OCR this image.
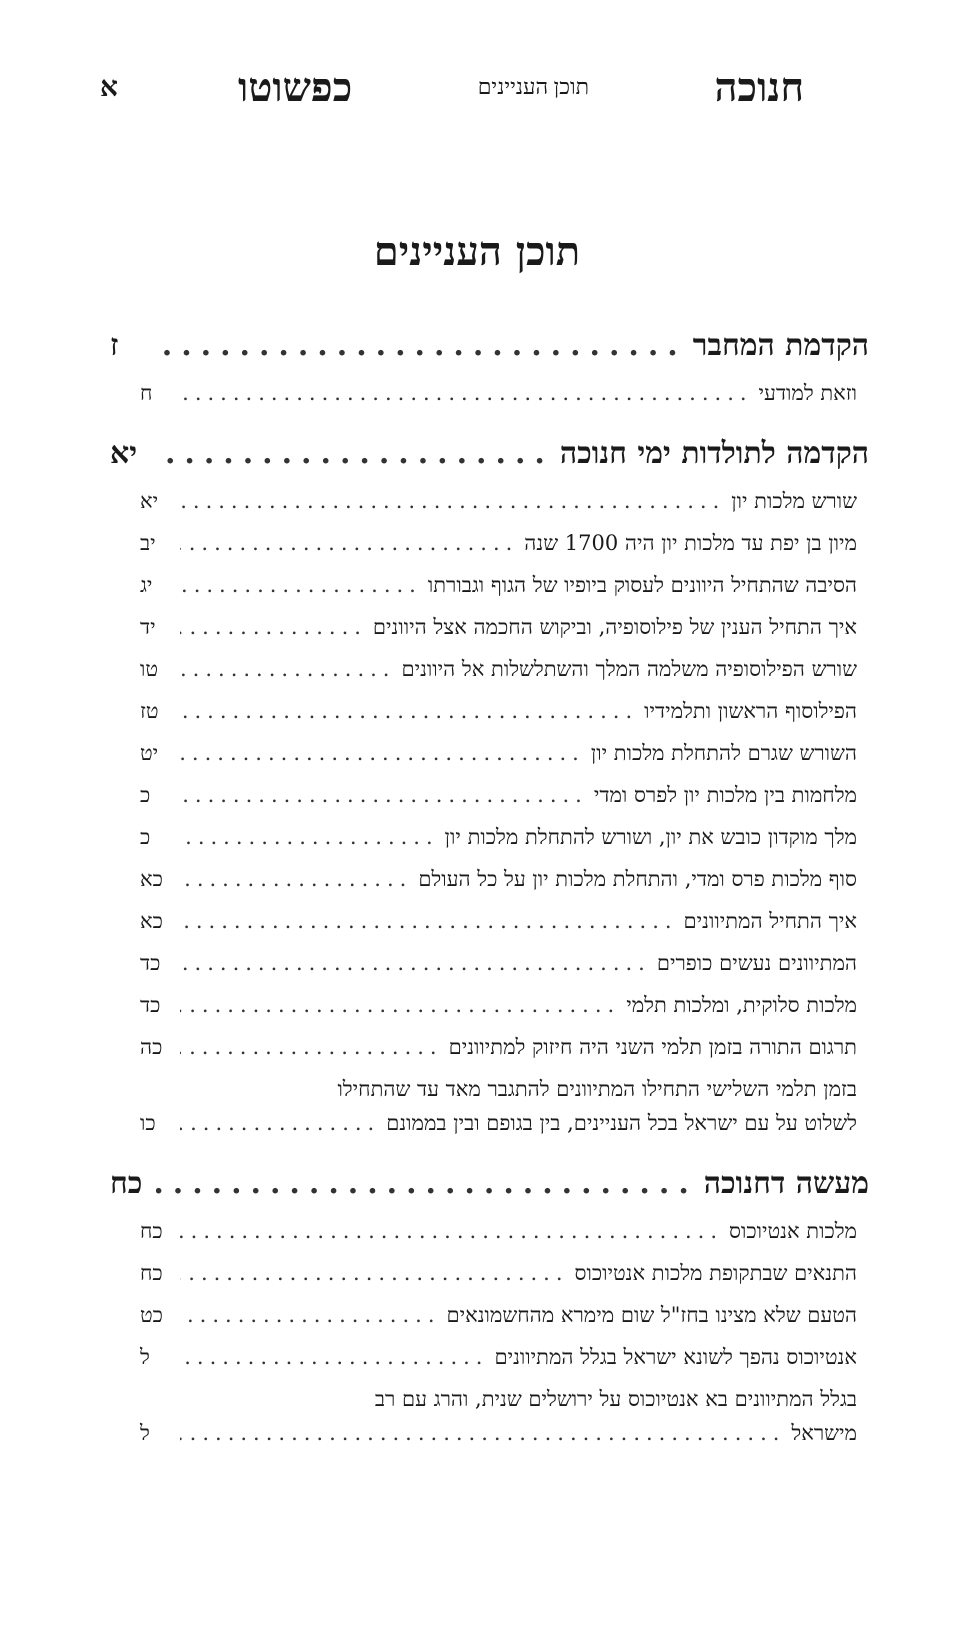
חנוכה
תוכן העניינים
כפשוטו
א
תוכן העניינים
הקדמת המחבר
.....
ז
וזאת למודעי
.....
ח
הקדמה לתולדות ימי חנוכה
.....
יא
שורש מלכות יון
.....
יא
מיון בן יפת עד מלכות יון היה 1700 שנה
.....
יב
הסיבה שהתחיל היוונים לעסוק ביופיו של הגוף וגבורתו
.....
יג
איך התחיל הענין של פילוסופיה, וביקוש החכמה אצל היוונים
.....
יד
שורש הפילוסופיה משלמה המלך והשתלשלות אל היוונים
.....
טו
הפילוסוף הראשון ותלמידיו
.....
טז
השורש שגרם להתחלת מלכות יון
.....
יט
מלחמות בין מלכות יון לפרס ומדי
.....
כ
מלך מוקדון כובש את יון, ושורש להתחלת מלכות יון
.....
כ
סוף מלכות פרס ומדי, והתחלת מלכות יון על כל העולם
.....
כא
איך התחיל המתיוונים
.....
כא
המתיוונים נעשים כופרים
.....
כד
מלכות סלוקית, ומלכות תלמי
.....
כד
תרגום התורה בזמן תלמי השני היה חיזוק למתיוונים
.....
כה
בזמן תלמי השלישי התחילו המתיוונים להתגבר מאד עד שהתחילו
לשלוט על עם ישראל בכל העניינים, בין בגופם ובין בממונם
.....
כו
מעשה דחנוכה
.....
כח
מלכות אנטיוכוס
.....
כח
התנאים שבתקופת מלכות אנטיוכוס
.....
כח
הטעם שלא מצינו בחז"ל שום מימרא מהחשמונאים
.....
כט
אנטיוכוס נהפך לשונא ישראל בגלל המתיוונים
.....
ל
בגלל המתיוונים בא אנטיוכוס על ירושלים שנית, והרג עם רב
מישראל
.....
ל
